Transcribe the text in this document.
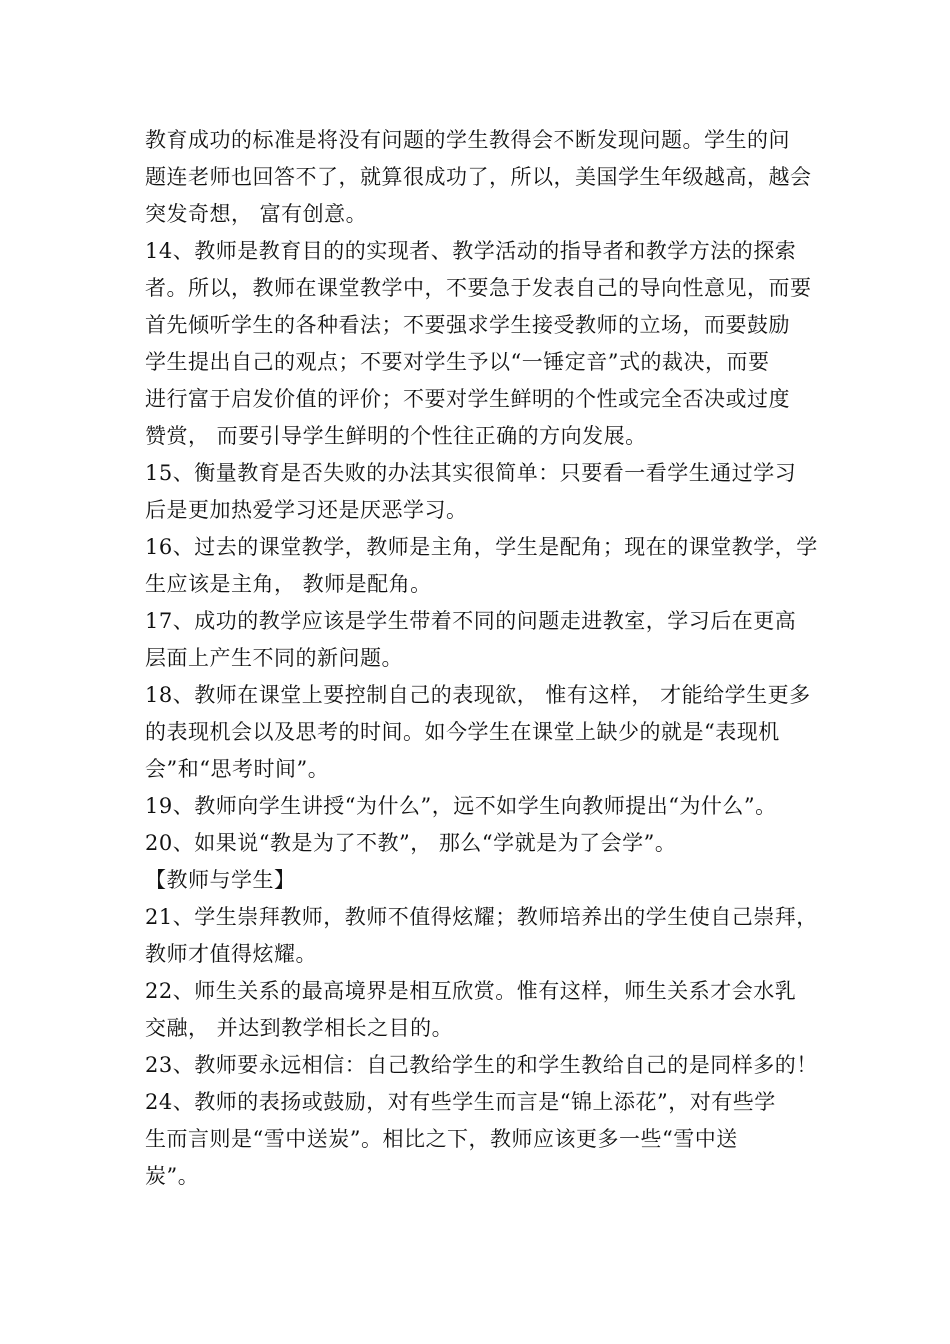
教育成功的标准是将没有问题的学生教得会不断发现问题。学生的问
题连老师也回答不了，就算很成功了，所以，美国学生年级越高，越会
突发奇想， 富有创意。
14、教师是教育目的的实现者、教学活动的指导者和教学方法的探索
者。所以，教师在课堂教学中，不要急于发表自己的导向性意见，而要
首先倾听学生的各种看法；不要强求学生接受教师的立场，而要鼓励
学生提出自己的观点；不要对学生予以“一锤定音”式的裁决，而要
进行富于启发价值的评价；不要对学生鲜明的个性或完全否决或过度
赞赏， 而要引导学生鲜明的个性往正确的方向发展。
15、衡量教育是否失败的办法其实很简单：只要看一看学生通过学习
后是更加热爱学习还是厌恶学习。
16、过去的课堂教学，教师是主角，学生是配角；现在的课堂教学，学
生应该是主角， 教师是配角。
17、成功的教学应该是学生带着不同的问题走进教室，学习后在更高
层面上产生不同的新问题。
18、教师在课堂上要控制自己的表现欲， 惟有这样， 才能给学生更多
的表现机会以及思考的时间。如今学生在课堂上缺少的就是“表现机
会”和“思考时间”。
19、教师向学生讲授“为什么”，远不如学生向教师提出“为什么”。
20、如果说“教是为了不教”， 那么“学就是为了会学”。
【教师与学生】
21、学生崇拜教师，教师不值得炫耀；教师培养出的学生使自己崇拜，
教师才值得炫耀。
22、师生关系的最高境界是相互欣赏。惟有这样，师生关系才会水乳
交融， 并达到教学相长之目的。
23、教师要永远相信：自己教给学生的和学生教给自己的是同样多的！
24、教师的表扬或鼓励，对有些学生而言是“锦上添花”，对有些学
生而言则是“雪中送炭”。相比之下，教师应该更多一些“雪中送
炭”。
